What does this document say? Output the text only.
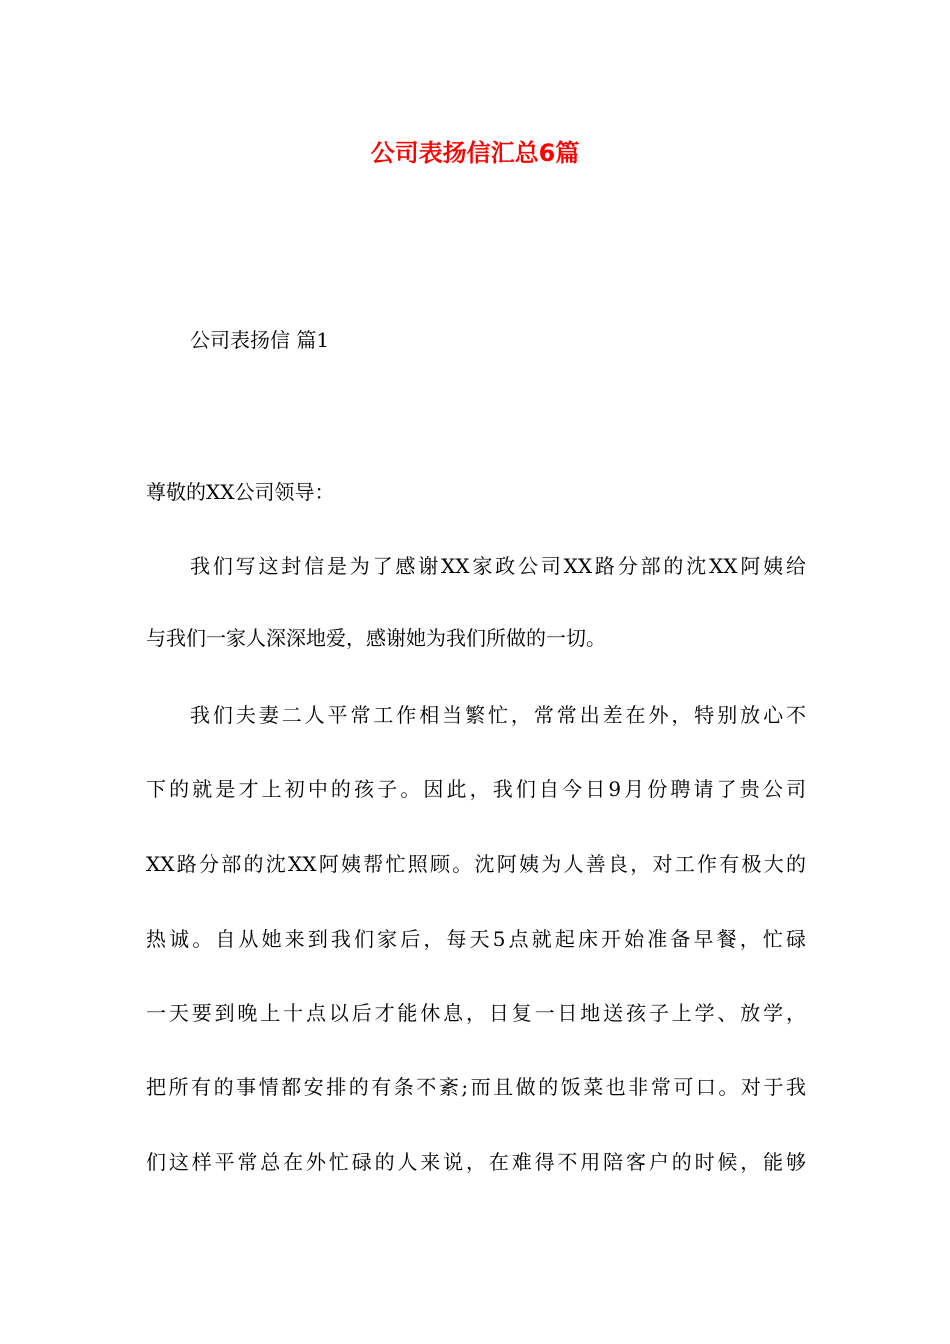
公司表扬信汇总6篇

公司表扬信 篇1

尊敬的XX公司领导：

我们写这封信是为了感谢XX家政公司XX路分部的沈XX阿姨给

与我们一家人深深地爱，感谢她为我们所做的一切。

我们夫妻二人平常工作相当繁忙，常常出差在外，特别放心不

下的就是才上初中的孩子。因此，我们自今日9月份聘请了贵公司

XX路分部的沈XX阿姨帮忙照顾。沈阿姨为人善良，对工作有极大的

热诚。自从她来到我们家后，每天5点就起床开始准备早餐，忙碌

一天要到晚上十点以后才能休息，日复一日地送孩子上学、放学，

把所有的事情都安排的有条不紊;而且做的饭菜也非常可口。对于我

们这样平常总在外忙碌的人来说，在难得不用陪客户的时候，能够
